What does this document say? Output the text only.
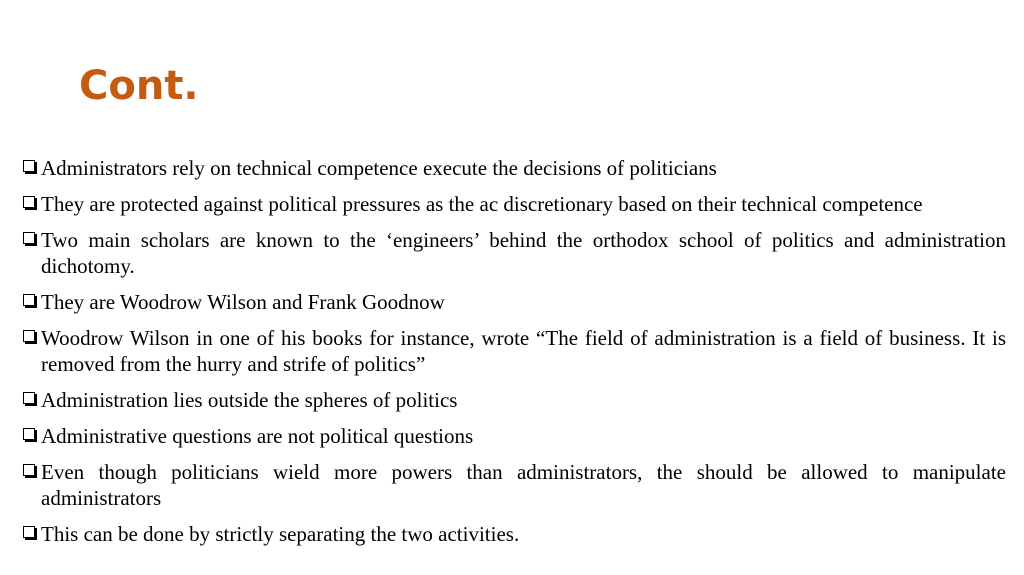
Cont.
Administrators rely on technical competence execute the decisions of politicians
They are protected against political pressures as the ac discretionary based on their technical competence
Two main scholars are known to the ‘engineers’ behind the orthodox school of politics and administration dichotomy.
They are Woodrow Wilson and Frank Goodnow
Woodrow Wilson in one of his books for instance, wrote “The field of administration is a field of business. It is removed from the hurry and strife of politics”
Administration lies outside the spheres of politics
Administrative questions are not political questions
Even though politicians wield more powers than administrators, the should be allowed to manipulate administrators
This can be done by strictly separating the two activities.
